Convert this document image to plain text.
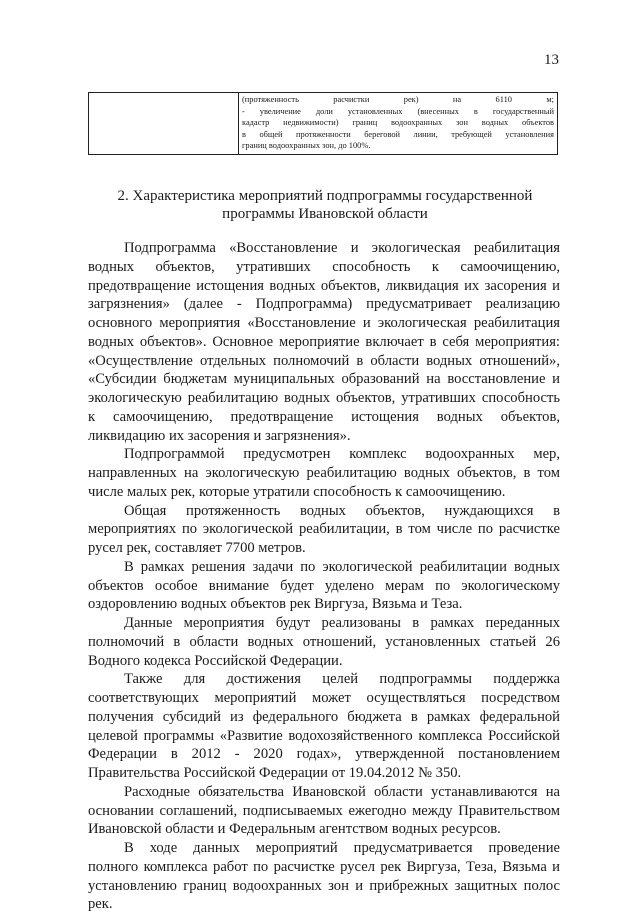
13

(протяженность расчистки рек) на 6110 м;
- увеличение доли установленных (внесенных в государственный
кадастр недвижимости) границ водоохранных зон водных объектов
в общей протяженности береговой линии, требующей установления
границ водоохранных зон, до 100%.
2. Характеристика мероприятий подпрограммы государственной
программы Ивановской области
Подпрограмма «Восстановление и экологическая реабилитация
водных объектов, утративших способность к самоочищению,
предотвращение истощения водных объектов, ликвидация их засорения и
загрязнения» (далее - Подпрограмма) предусматривает реализацию
основного мероприятия «Восстановление и экологическая реабилитация
водных объектов». Основное мероприятие включает в себя мероприятия:
«Осуществление отдельных полномочий в области водных отношений»,
«Субсидии бюджетам муниципальных образований на восстановление и
экологическую реабилитацию водных объектов, утративших способность
к самоочищению, предотвращение истощения водных объектов,
ликвидацию их засорения и загрязнения».
Подпрограммой предусмотрен комплекс водоохранных мер,
направленных на экологическую реабилитацию водных объектов, в том
числе малых рек, которые утратили способность к самоочищению.
Общая протяженность водных объектов, нуждающихся в
мероприятиях по экологической реабилитации, в том числе по расчистке
русел рек, составляет 7700 метров.
В рамках решения задачи по экологической реабилитации водных
объектов особое внимание будет уделено мерам по экологическому
оздоровлению водных объектов рек Виргуза, Вязьма и Теза.
Данные мероприятия будут реализованы в рамках переданных
полномочий в области водных отношений, установленных статьей 26
Водного кодекса Российской Федерации.
Также для достижения целей подпрограммы поддержка
соответствующих мероприятий может осуществляться посредством
получения субсидий из федерального бюджета в рамках федеральной
целевой программы «Развитие водохозяйственного комплекса Российской
Федерации в 2012 - 2020 годах», утвержденной постановлением
Правительства Российской Федерации от 19.04.2012 № 350.
Расходные обязательства Ивановской области устанавливаются на
основании соглашений, подписываемых ежегодно между Правительством
Ивановской области и Федеральным агентством водных ресурсов.
В ходе данных мероприятий предусматривается проведение
полного комплекса работ по расчистке русел рек Виргуза, Теза, Вязьма и
установлению границ водоохранных зон и прибрежных защитных полос
рек.
